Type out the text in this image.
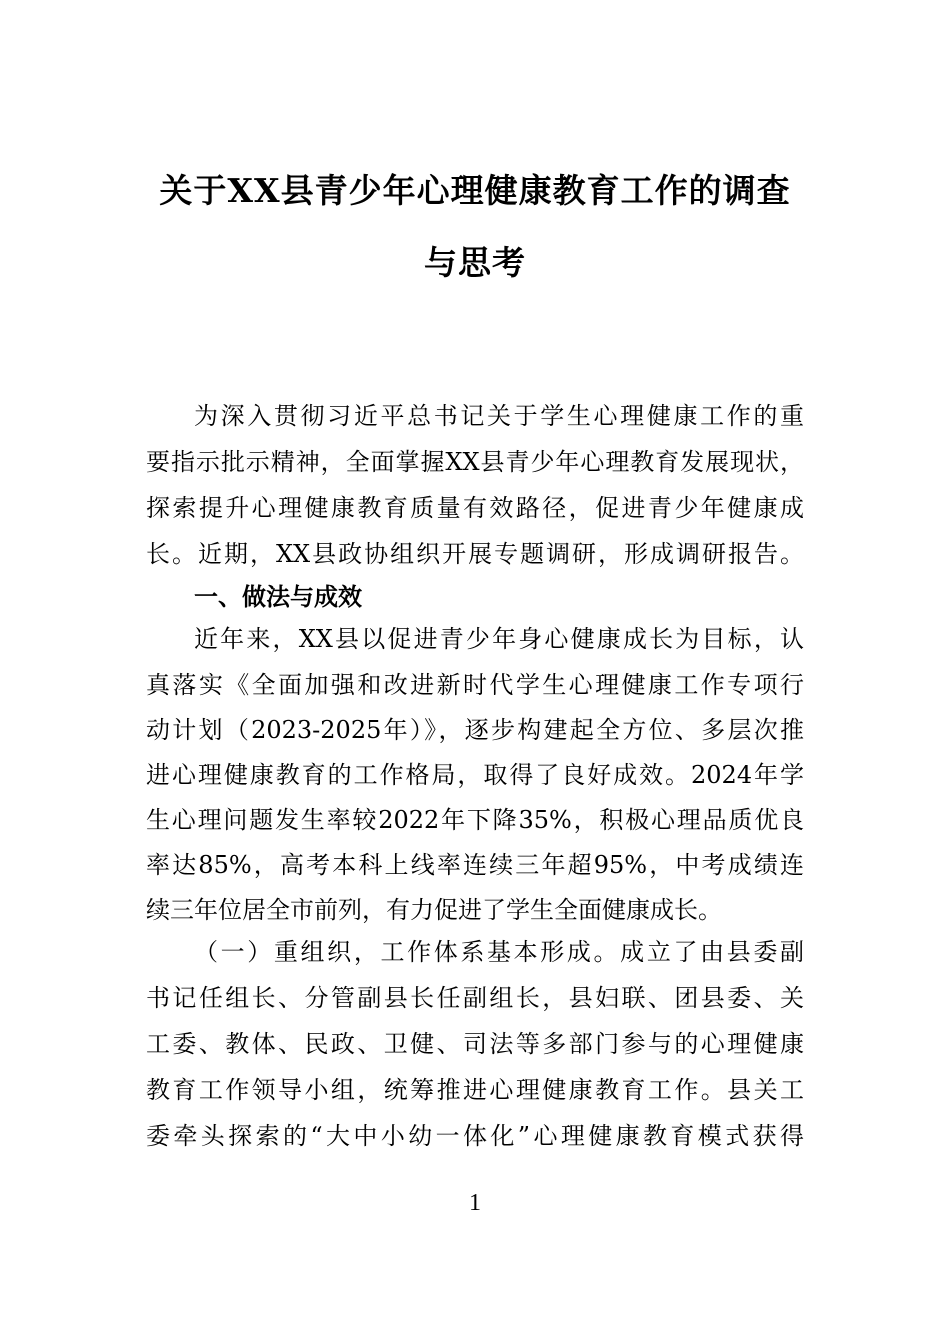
关于XX县青少年心理健康教育工作的调查
与思考
为深入贯彻习近平总书记关于学生心理健康工作的重
要指示批示精神，全面掌握XX县青少年心理教育发展现状，
探索提升心理健康教育质量有效路径，促进青少年健康成
长。近期，XX县政协组织开展专题调研，形成调研报告。
一、做法与成效
近年来，XX县以促进青少年身心健康成长为目标，认
真落实《全面加强和改进新时代学生心理健康工作专项行
动计划（2023-2025年）》，逐步构建起全方位、多层次推
进心理健康教育的工作格局，取得了良好成效。2024年学
生心理问题发生率较2022年下降35%，积极心理品质优良
率达85%，高考本科上线率连续三年超95%，中考成绩连
续三年位居全市前列，有力促进了学生全面健康成长。
（一）重组织，工作体系基本形成。成立了由县委副
书记任组长、分管副县长任副组长，县妇联、团县委、关
工委、教体、民政、卫健、司法等多部门参与的心理健康
教育工作领导小组，统筹推进心理健康教育工作。县关工
委牵头探索的“大中小幼一体化”心理健康教育模式获得
1
